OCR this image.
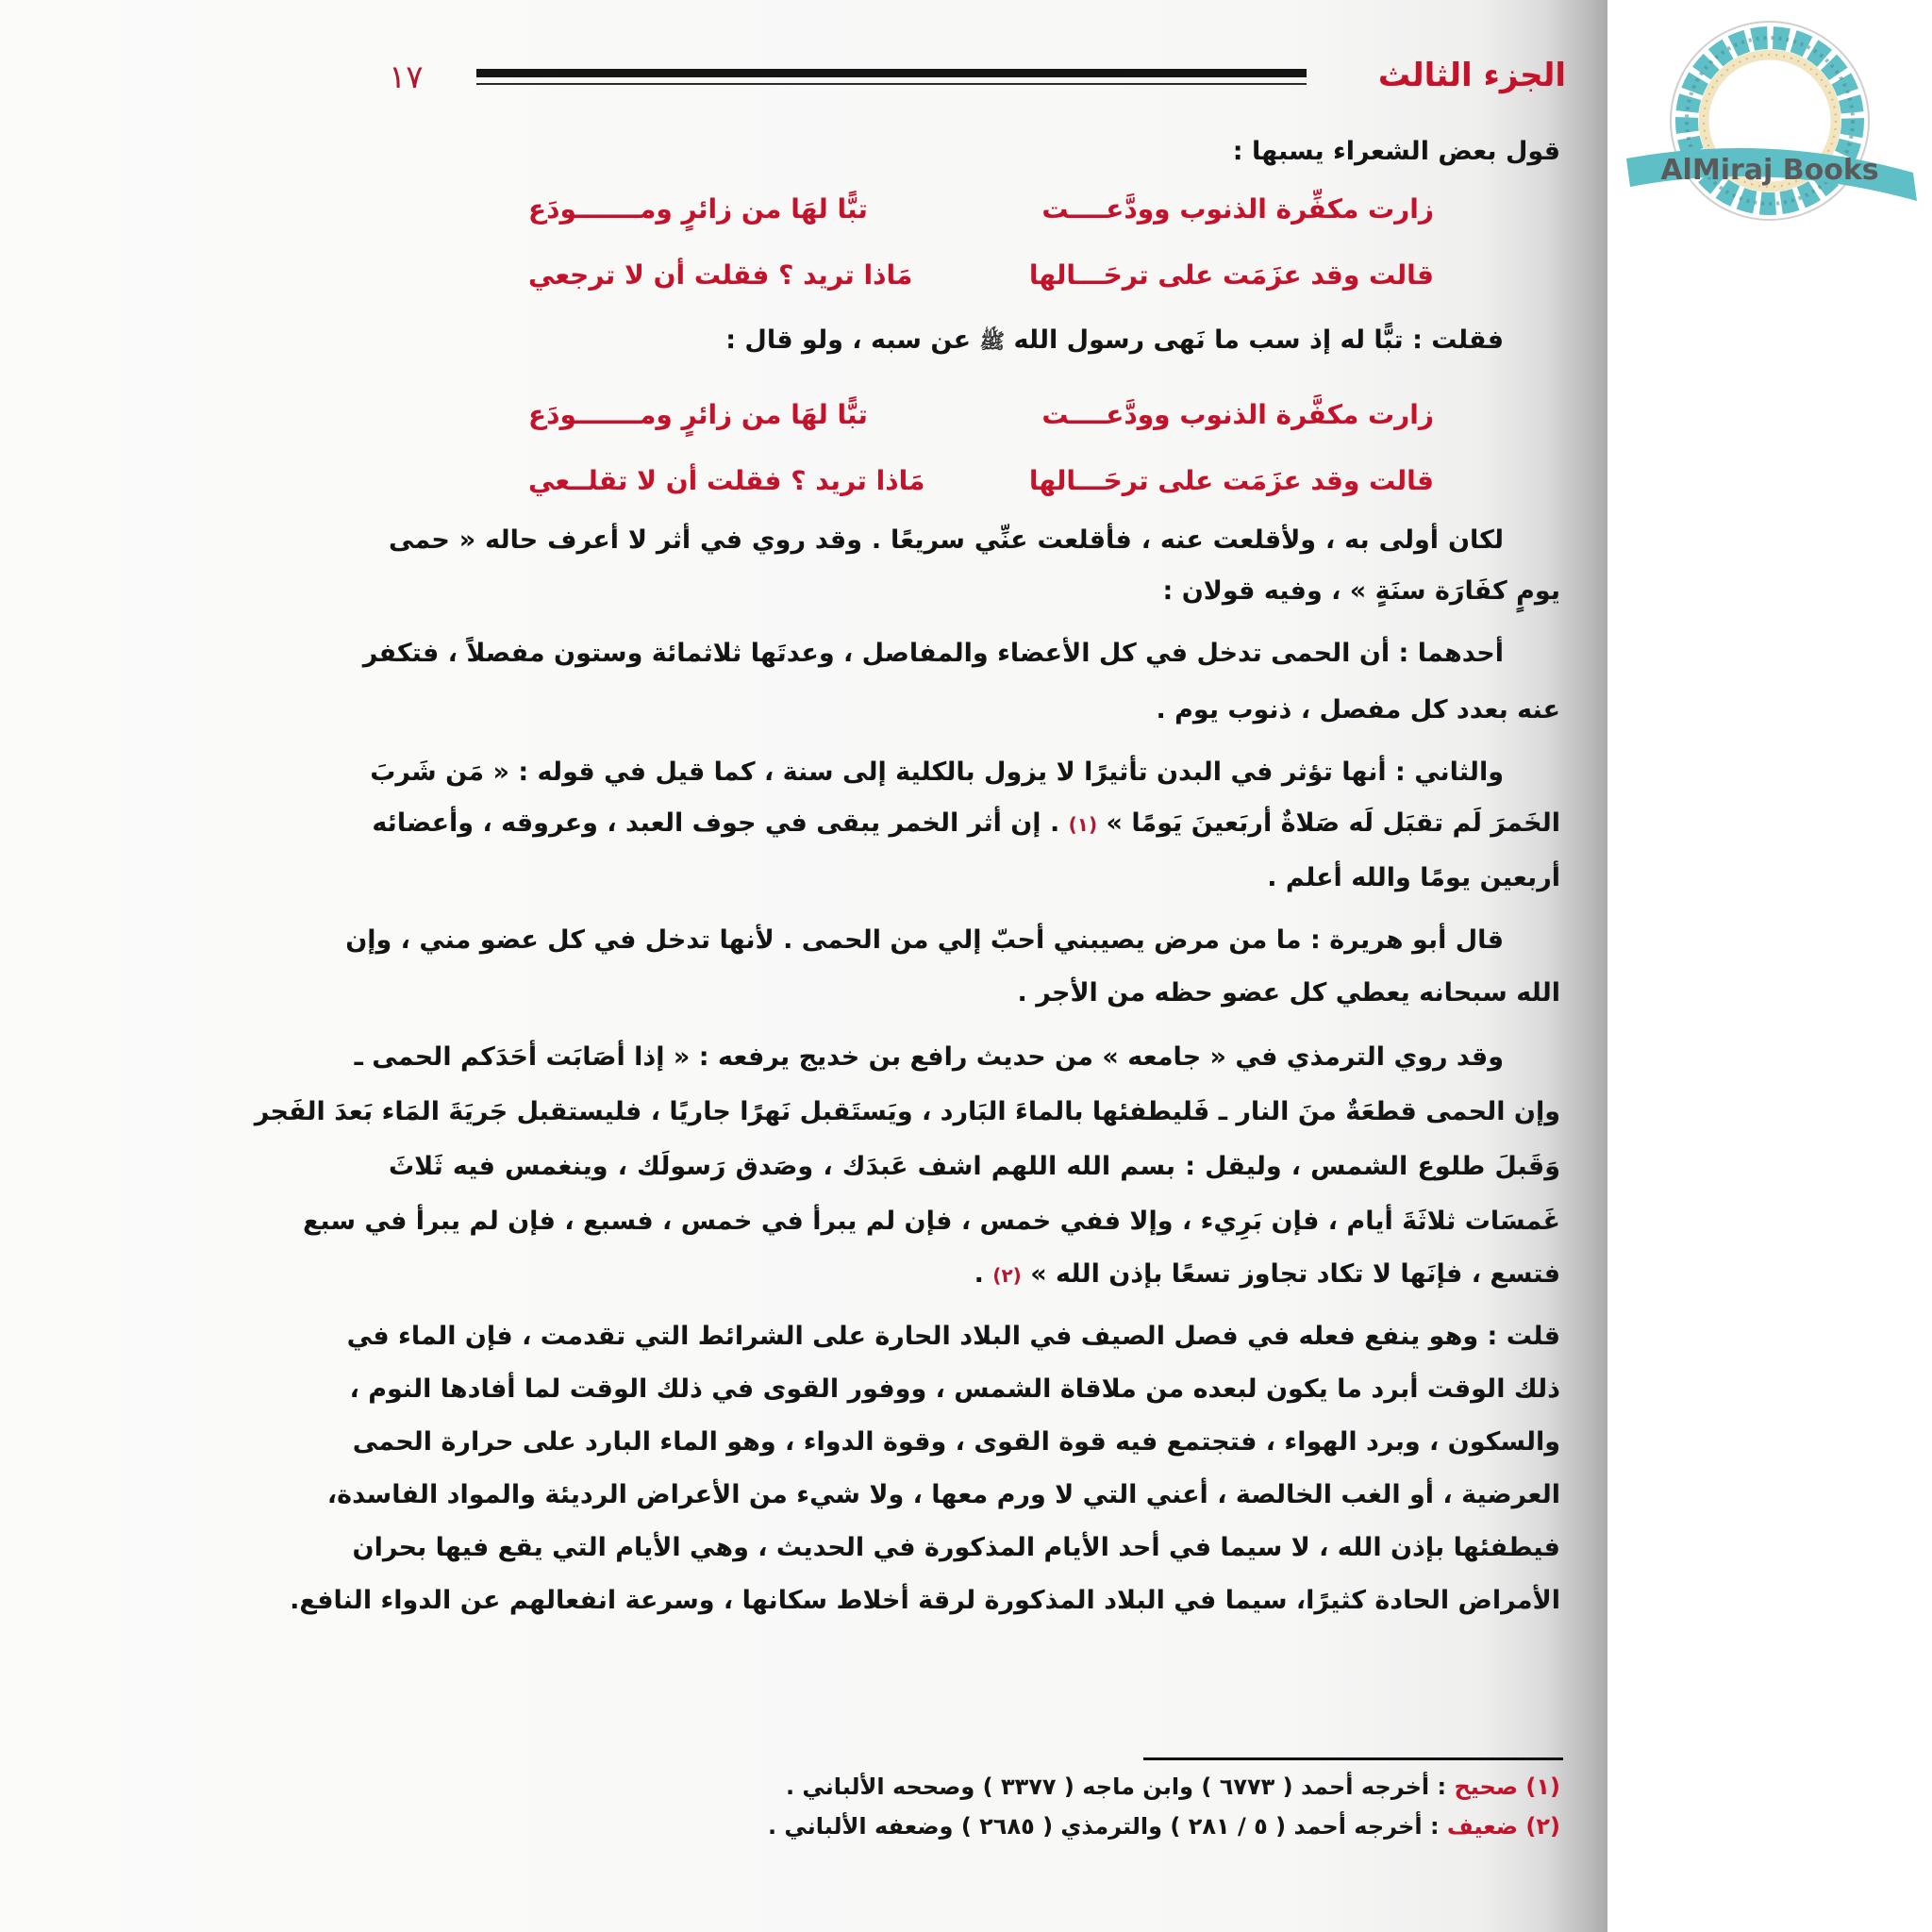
١٧	الجزء الثالث
قول بعض الشعراء يسبها :
زارت مكفِّرة الذنوب وودَّعــــت
تبًّا لهَا من زائرٍ ومـــــــودَع
قالت وقد عزَمَت على ترحَـــالها
مَاذا تريد ؟ فقلت أن لا ترجعي
فقلت : تبًّا له إذ سب ما نَهى رسول الله ﷺ عن سبه ، ولو قال :
زارت مكفَّرة الذنوب وودَّعــــت
تبًّا لهَا من زائرٍ ومـــــــودَع
قالت وقد عزَمَت على ترحَـــالها
مَاذا تريد ؟ فقلت أن لا تقلــعي
لكان أولى به ، ولأقلعت عنه ، فأقلعت عنِّي سريعًا . وقد روي في أثر لا أعرف حاله « حمى
يومٍ كفَارَة سنَةٍ » ، وفيه قولان :
أحدهما : أن الحمى تدخل في كل الأعضاء والمفاصل ، وعدتَها ثلاثمائة وستون مفصلاً ، فتكفر
عنه بعدد كل مفصل ، ذنوب يوم .
والثاني : أنها تؤثر في البدن تأثيرًا لا يزول بالكلية إلى سنة ، كما قيل في قوله : « مَن شَربَ
الخَمرَ لَم تقبَل لَه صَلاةٌ أربَعينَ يَومًا » (١) . إن أثر الخمر يبقى في جوف العبد ، وعروقه ، وأعضائه
أربعين يومًا والله أعلم .
قال أبو هريرة : ما من مرض يصيبني أحبّ إلي من الحمى . لأنها تدخل في كل عضو مني ، وإن
الله سبحانه يعطي كل عضو حظه من الأجر .
وقد روي الترمذي في « جامعه » من حديث رافع بن خديج يرفعه : « إذا أصَابَت أحَدَكم الحمى ـ
وإن الحمى قطعَةٌ منَ النار ـ فَليطفئها بالماءَ البَارد ، ويَستَقبل نَهرًا جاريًا ، فليستقبل جَريَةَ المَاء بَعدَ الفَجر
وَقَبلَ طلوع الشمس ، وليقل : بسم الله اللهم اشف عَبدَك ، وصَدق رَسولَك ، وينغمس فيه ثَلاثَ
غَمسَات ثلاثَةَ أيام ، فإن بَرِيء ، وإلا ففي خمس ، فإن لم يبرأ في خمس ، فسبع ، فإن لم يبرأ في سبع
فتسع ، فإنَها لا تكاد تجاوز تسعًا بإذن الله » (٢) .
قلت : وهو ينفع فعله في فصل الصيف في البلاد الحارة على الشرائط التي تقدمت ، فإن الماء في
ذلك الوقت أبرد ما يكون لبعده من ملاقاة الشمس ، ووفور القوى في ذلك الوقت لما أفادها النوم ،
والسكون ، وبرد الهواء ، فتجتمع فيه قوة القوى ، وقوة الدواء ، وهو الماء البارد على حرارة الحمى
العرضية ، أو الغب الخالصة ، أعني التي لا ورم معها ، ولا شيء من الأعراض الرديئة والمواد الفاسدة،
فيطفئها بإذن الله ، لا سيما في أحد الأيام المذكورة في الحديث ، وهي الأيام التي يقع فيها بحران
الأمراض الحادة كثيرًا، سيما في البلاد المذكورة لرقة أخلاط سكانها ، وسرعة انفعالهم عن الدواء النافع.
(١) صحيح : أخرجه أحمد ( ٦٧٧٣ ) وابن ماجه ( ٣٣٧٧ ) وصححه الألباني .
(٢) ضعيف : أخرجه أحمد ( ٥ / ٢٨١ ) والترمذي ( ٢٦٨٥ ) وضعفه الألباني .
AlMiraj Books
